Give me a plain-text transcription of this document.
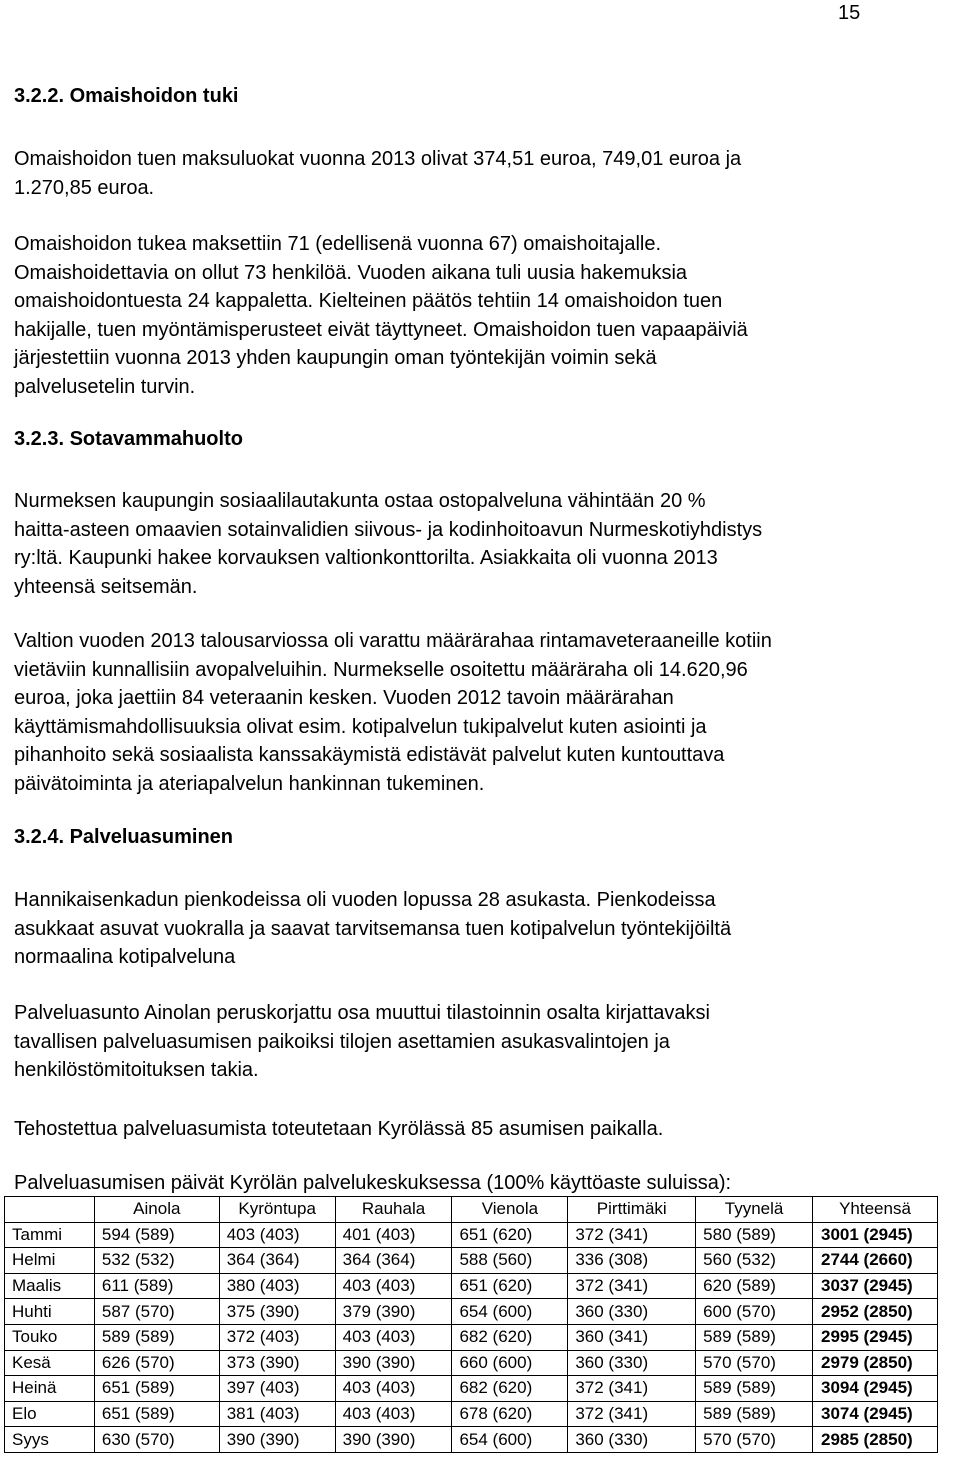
15
3.2.2. Omaishoidon tuki
Omaishoidon tuen maksuluokat vuonna 2013 olivat 374,51 euroa, 749,01 euroa ja
1.270,85 euroa.
Omaishoidon tukea maksettiin 71 (edellisenä vuonna 67) omaishoitajalle.
Omaishoidettavia on ollut 73 henkilöä. Vuoden aikana tuli uusia hakemuksia
omaishoidontuesta 24 kappaletta. Kielteinen päätös tehtiin 14 omaishoidon tuen
hakijalle, tuen myöntämisperusteet eivät täyttyneet. Omaishoidon tuen vapaapäiviä
järjestettiin vuonna 2013 yhden kaupungin oman työntekijän voimin sekä
palvelusetelin turvin.
3.2.3. Sotavammahuolto
Nurmeksen kaupungin sosiaalilautakunta ostaa ostopalveluna vähintään 20 %
haitta-asteen omaavien sotainvalidien siivous- ja kodinhoitoavun Nurmeskotiyhdistys
ry:ltä. Kaupunki hakee korvauksen valtionkonttorilta. Asiakkaita oli vuonna 2013
yhteensä seitsemän.
Valtion vuoden 2013 talousarviossa oli varattu määrärahaa rintamaveteraaneille kotiin
vietäviin kunnallisiin avopalveluihin. Nurmekselle osoitettu määräraha oli 14.620,96
euroa, joka jaettiin 84 veteraanin kesken. Vuoden 2012 tavoin määrärahan
käyttämismahdollisuuksia olivat esim. kotipalvelun tukipalvelut kuten asiointi ja
pihanhoito sekä sosiaalista kanssakäymistä edistävät palvelut kuten kuntouttava
päivätoiminta ja ateriapalvelun hankinnan tukeminen.
3.2.4. Palveluasuminen
Hannikaisenkadun pienkodeissa oli vuoden lopussa 28 asukasta. Pienkodeissa
asukkaat asuvat vuokralla ja saavat tarvitsemansa tuen kotipalvelun työntekijöiltä
normaalina kotipalveluna
Palveluasunto Ainolan peruskorjattu osa muuttui tilastoinnin osalta kirjattavaksi
tavallisen palveluasumisen paikoiksi tilojen asettamien asukasvalintojen ja
henkilöstömitoituksen takia.
Tehostettua palveluasumista toteutetaan Kyrölässä 85 asumisen paikalla.
Palveluasumisen päivät Kyrölän palvelukeskuksessa (100% käyttöaste suluissa):
	Ainola	Kyröntupa	Rauhala	Vienola	Pirttimäki	Tyynelä	Yhteensä
Tammi	594 (589)	403 (403)	401 (403)	651 (620)	372 (341)	580 (589)	3001 (2945)
Helmi	532 (532)	364 (364)	364 (364)	588 (560)	336 (308)	560 (532)	2744 (2660)
Maalis	611 (589)	380 (403)	403 (403)	651 (620)	372 (341)	620 (589)	3037 (2945)
Huhti	587 (570)	375 (390)	379 (390)	654 (600)	360 (330)	600 (570)	2952 (2850)
Touko	589 (589)	372 (403)	403 (403)	682 (620)	360 (341)	589 (589)	2995 (2945)
Kesä	626 (570)	373 (390)	390 (390)	660 (600)	360 (330)	570 (570)	2979 (2850)
Heinä	651 (589)	397 (403)	403 (403)	682 (620)	372 (341)	589 (589)	3094 (2945)
Elo	651 (589)	381 (403)	403 (403)	678 (620)	372 (341)	589 (589)	3074 (2945)
Syys	630 (570)	390 (390)	390 (390)	654 (600)	360 (330)	570 (570)	2985 (2850)
